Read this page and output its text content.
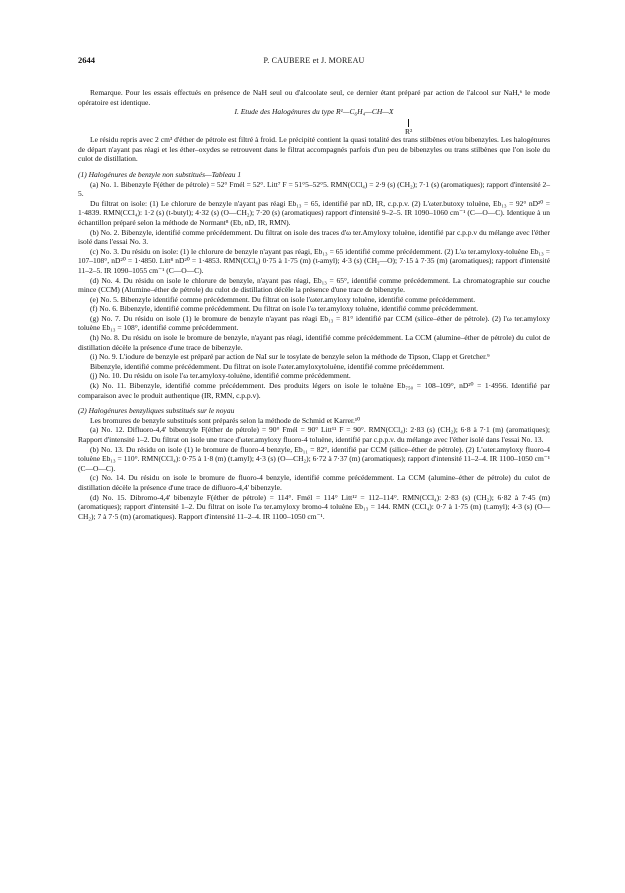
2644	P. CAUBERE et J. MOREAU

Remarque. Pour les essais effectués en présence de NaH seul ou d'alcoolate seul, ce dernier étant préparé par action de l'alcool sur NaH,⁶ le mode opératoire est identique.

I. Etude des Halogénures du type R¹—C₆H₄—CH—X
R²

Le résidu repris avec 2 cm³ d'éther de pétrole est filtré à froid. Le précipité contient la quasi totalité des trans stilbènes et/ou bibenzyles. Les halogénures de départ n'ayant pas réagi et les éther–oxydes se retrouvent dans le filtrat accompagnés parfois d'un peu de bibenzyles ou trans stilbènes que l'on isole du culot de distillation.

(1) Halogénures de benzyle non substitués—Tableau 1

(a) No. 1. Bibenzyle F(éther de pétrole) = 52° Fmél = 52°. Litt⁷ F = 51°5–52°5. RMN(CCl₄) = 2·9 (s) (CH₂); 7·1 (s) (aromatiques); rapport d'intensité 2–5.

Du filtrat on isole: (1) Le chlorure de benzyle n'ayant pas réagi Eb₁₃ = 65, identifié par nD, IR, c.p.p.v. (2) L'ωter.butoxy toluène, Eb₁₃ = 92° nD²⁰ = 1·4839. RMN(CCl₄): 1·2 (s) (t-butyl); 4·32 (s) (O—CH₂); 7·20 (s) (aromatiques) rapport d'intensité 9–2–5. IR 1090–1060 cm⁻¹ (C—O—C). Identique à un échantillon préparé selon la méthode de Normant⁸ (Eb, nD, IR, RMN).

(b) No. 2. Bibenzyle, identifié comme précédemment. Du filtrat on isole des traces d'ω ter.Amyloxy toluène, identifié par c.p.p.v du mélange avec l'éther isolé dans l'essai No. 3.

(c) No. 3. Du résidu on isole: (1) le chlorure de benzyle n'ayant pas réagi, Eb₁₃ = 65 identifié comme précédemment. (2) L'ω ter.amyloxy-toluène Eb₁₃ = 107–108°, nD²⁰ = 1·4850. Litt⁸ nD²⁰ = 1·4853. RMN(CCl₄) 0·75 à 1·75 (m) (t-amyl); 4·3 (s) (CH₂—O); 7·15 à 7·35 (m) (aromatiques); rapport d'intensité 11–2–5. IR 1090–1055 cm⁻¹ (C—O—C).

(d) No. 4. Du résidu on isole le chlorure de benzyle, n'ayant pas réagi, Eb₁₃ = 65°, identifié comme précédemment. La chromatographie sur couche mince (CCM) (Alumine–éther de pétrole) du culot de distillation décèle la présence d'une trace de bibenzyle.

(e) No. 5. Bibenzyle identifié comme précédemment. Du filtrat on isole l'ωter.amyloxy toluène, identifié comme précédemment.

(f) No. 6. Bibenzyle, identifié comme précédemment. Du filtrat on isole l'ω ter.amyloxy toluène, identifié comme précédemment.

(g) No. 7. Du résidu on isole (1) le bromure de benzyle n'ayant pas réagi Eb₁₃ = 81° identifié par CCM (silice–éther de pétrole). (2) l'ω ter.amyloxy toluène Eb₁₃ = 108°, identifié comme précédemment.

(h) No. 8. Du résidu on isole le bromure de benzyle, n'ayant pas réagi, identifié comme précédemment. La CCM (alumine–éther de pétrole) du culot de distillation décèle la présence d'une trace de bibenzyle.

(i) No. 9. L'iodure de benzyle est préparé par action de NaI sur le tosylate de benzyle selon la méthode de Tipson, Clapp et Gretcher.⁹

Bibenzyle, identifié comme précédemment. Du filtrat on isole l'ωter.amyloxytoluène, identifié comme précédemment.

(j) No. 10. Du résidu on isole l'ω ter.amyloxy-toluène, identifié comme précédemment.

(k) No. 11. Bibenzyle, identifié comme précédemment. Des produits légers on isole le toluène Eb₇₅₀ = 108–109°, nD²⁰ = 1·4956. Identifié par comparaison avec le produit authentique (IR, RMN, c.p.p.v).

(2) Halogénures benzyliques substitués sur le noyau

Les bromures de benzyle substitués sont préparés selon la méthode de Schmid et Karrer.¹⁰

(a) No. 12. Difluoro-4,4' bibenzyle F(éther de pétrole) = 90° Fmél = 90° Litt¹¹ F = 90°. RMN(CCl₄): 2·83 (s) (CH₂); 6·8 à 7·1 (m) (aromatiques); Rapport d'intensité 1–2. Du filtrat on isole une trace d'ωter.amyloxy fluoro-4 toluène, identifié par c.p.p.v. du mélange avec l'éther isolé dans l'essai No. 13.

(b) No. 13. Du résidu on isole (1) le bromure de fluoro-4 benzyle, Eb₁₁ = 82°, identifié par CCM (silice–éther de pétrole). (2) L'ωter.amyloxy fluoro-4 toluène Eb₁₃ = 110°. RMN(CCl₄): 0·75 à 1·8 (m) (t.amyl); 4·3 (s) (O—CH₂); 6·72 à 7·37 (m) (aromatiques); rapport d'intensité 11–2–4. IR 1100–1050 cm⁻¹ (C—O—C).

(c) No. 14. Du résidu on isole le bromure de fluoro-4 benzyle, identifié comme précédemment. La CCM (alumine–éther de pétrole) du culot de distillation décèle la présence d'une trace de difluoro-4,4' bibenzyle.

(d) No. 15. Dibromo-4,4' bibenzyle F(éther de pétrole) = 114°. Fmél = 114° Litt¹² = 112–114°. RMN(CCl₄): 2·83 (s) (CH₂); 6·82 à 7·45 (m) (aromatiques); rapport d'intensité 1–2. Du filtrat on isole l'ω ter.amyloxy bromo-4 toluène Eb₁₃ = 144. RMN (CCl₄): 0·7 à 1·75 (m) (t.amyl); 4·3 (s) (O—CH₂); 7 à 7·5 (m) (aromatiques). Rapport d'intensité 11–2–4. IR 1100–1050 cm⁻¹.
